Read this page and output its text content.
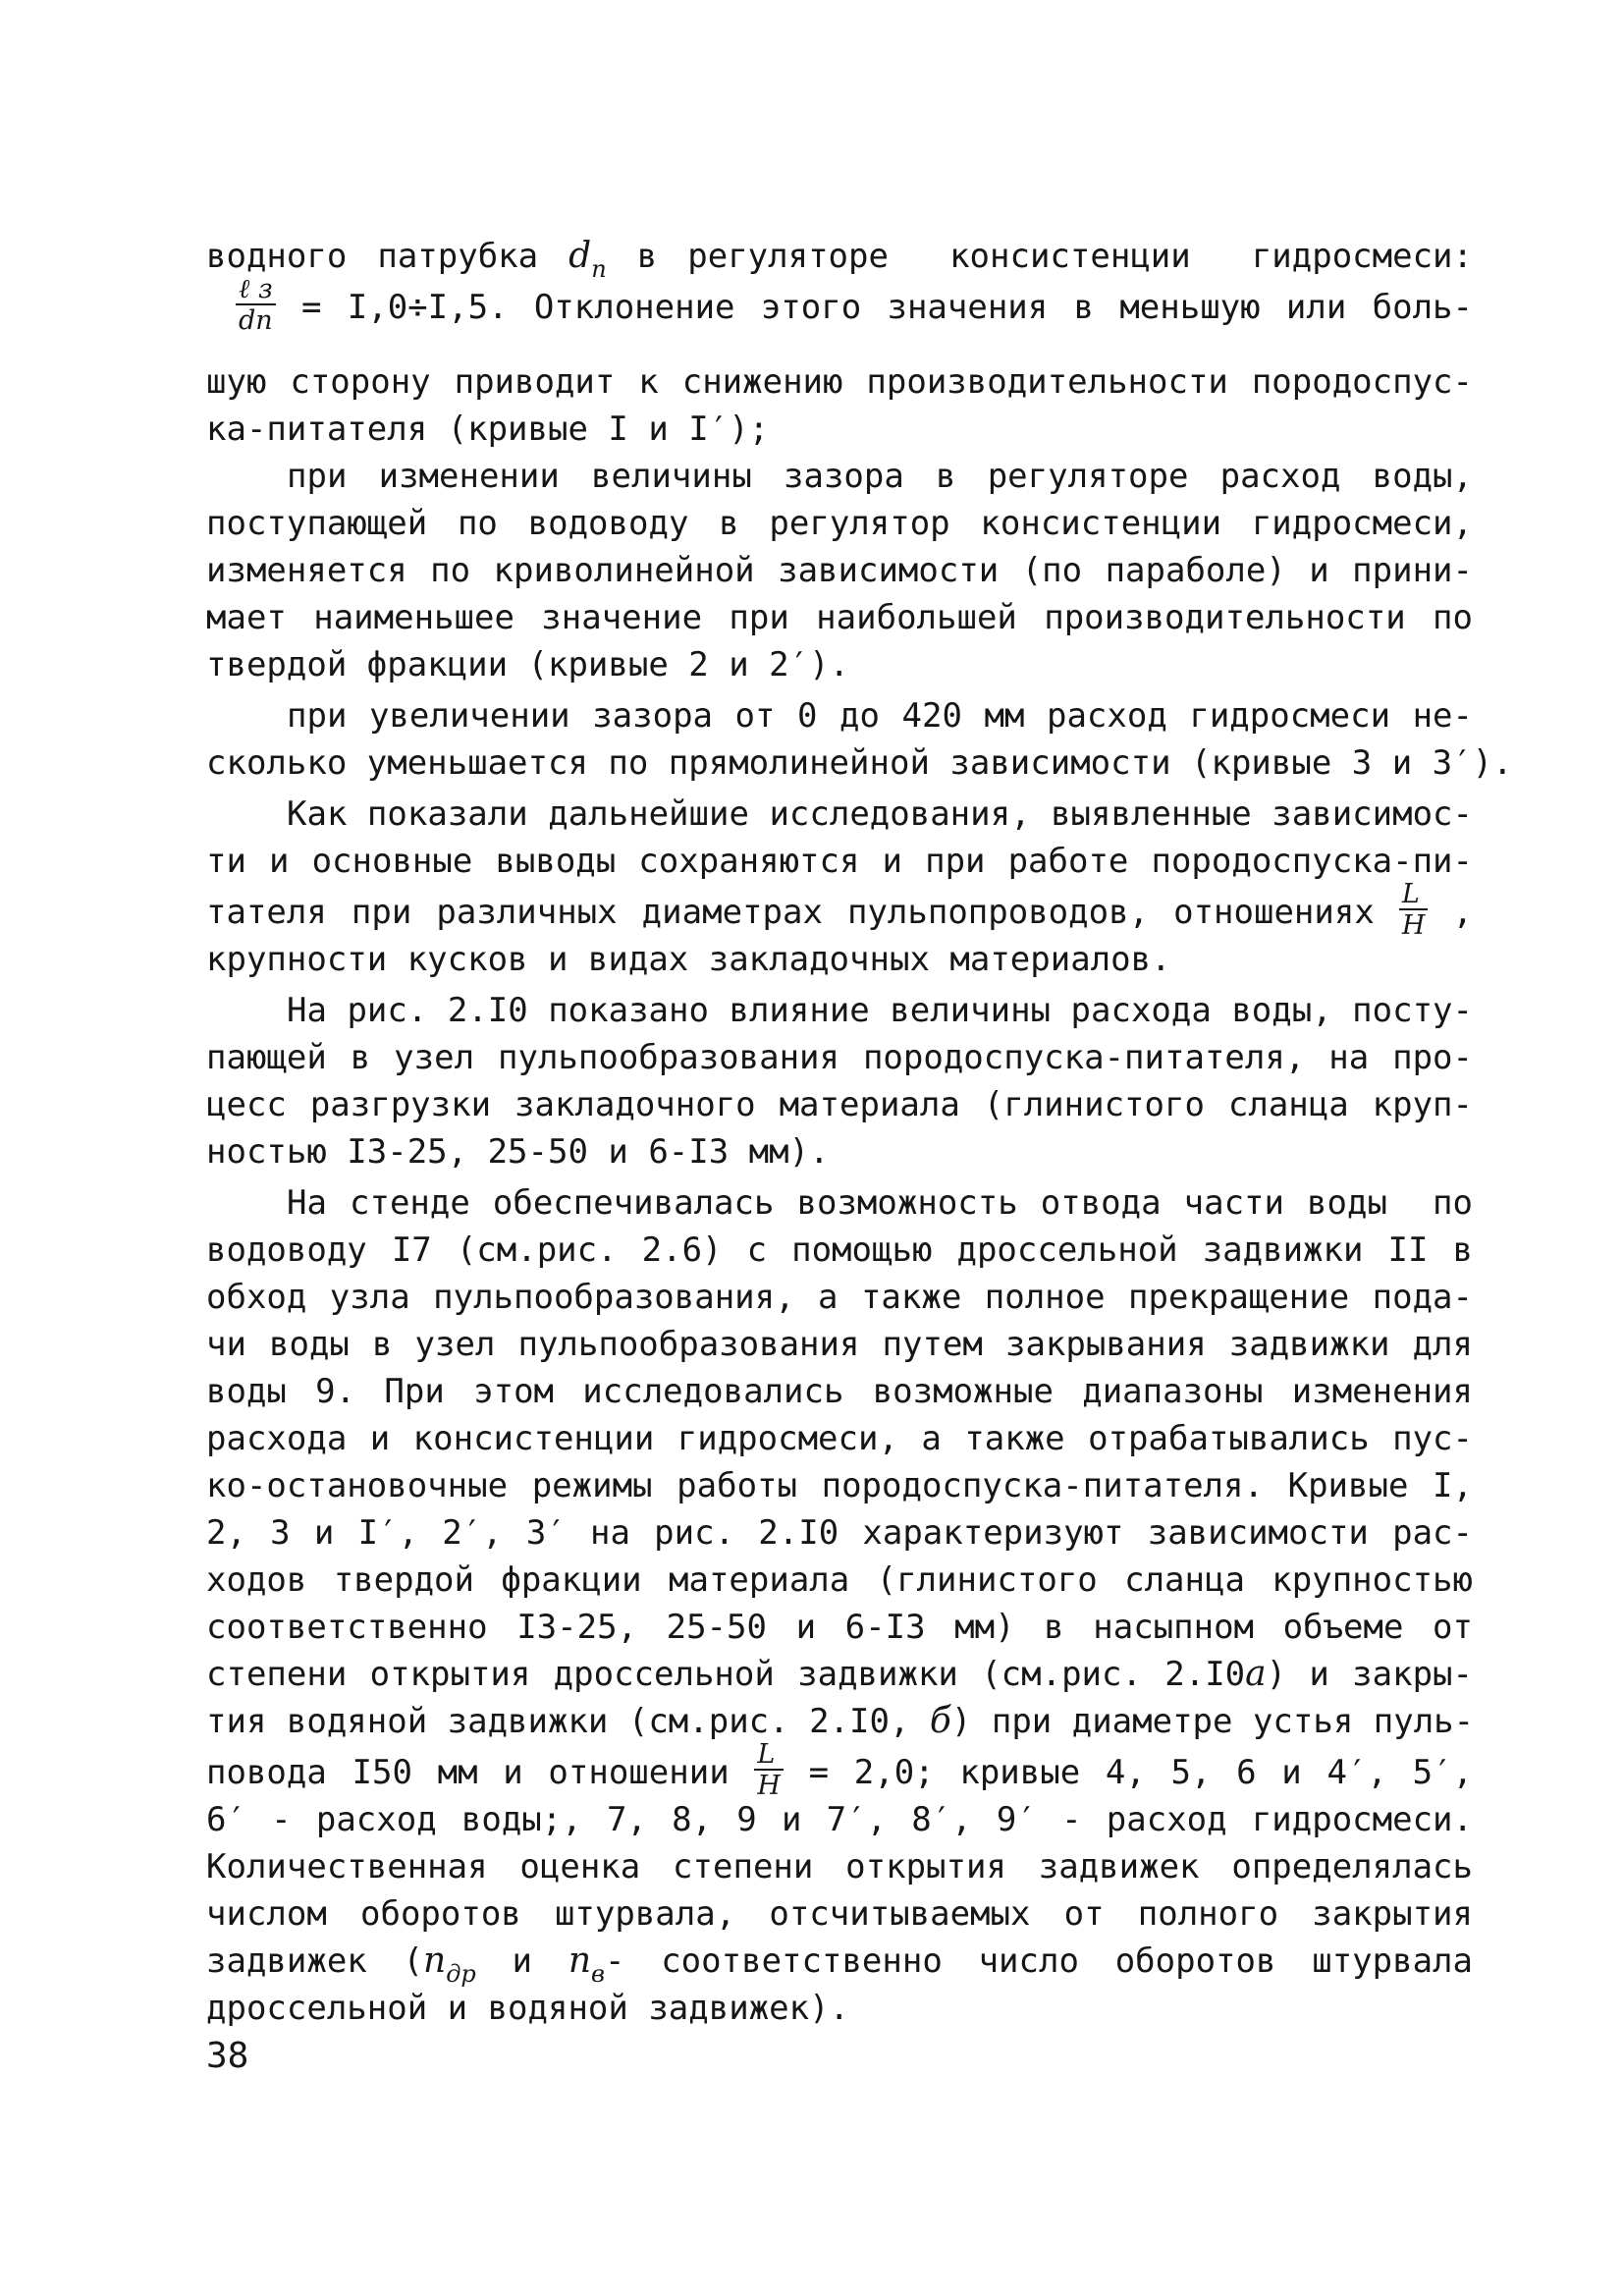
водного патрубка $d_п$ в регуляторе  консистенции  гидросмеси:
$\frac{\text{ℓз}}{dп} = I,0\div I,5$. Отклонение этого значения в меньшую или боль-
шую сторону приводит к снижению производительности породоспус-
ка-питателя (кривые I и I′);
при изменении величины зазора в регуляторе расход воды,
поступающей по водоводу в регулятор консистенции гидросмеси,
изменяется по криволинейной зависимости (по параболе) и прини-
мает наименьшее значение при наибольшей производительности по
твердой фракции (кривые 2 и 2′).
при увеличении зазора от 0 до 420 мм расход гидросмеси не-
сколько уменьшается по прямолинейной зависимости (кривые 3 и 3′).
Как показали дальнейшие исследования, выявленные зависимос-
ти и основные выводы сохраняются и при работе породоспуска-пи-
тателя при различных диаметрах пульпопроводов, отношениях $\frac{L}{H}$ ,
крупности кусков и видах закладочных материалов.
На рис. 2.I0 показано влияние величины расхода воды, посту-
пающей в узел пульпообразования породоспуска-питателя, на про-
цесс разгрузки закладочного материала (глинистого сланца круп-
ностью I3-25, 25-50 и 6-I3 мм).
На стенде обеспечивалась возможность отвода части воды  по
водоводу I7 (см.рис. 2.6) с помощью дроссельной задвижки II в
обход узла пульпообразования, а также полное прекращение пода-
чи воды в узел пульпообразования путем закрывания задвижки для
воды 9. При этом исследовались возможные диапазоны изменения
расхода и консистенции гидросмеси, а также отрабатывались пус-
ко-остановочные режимы работы породоспуска-питателя. Кривые I,
2, 3 и I′, 2′, 3′ на рис. 2.I0 характеризуют зависимости рас-
ходов твердой фракции материала (глинистого сланца крупностью
соответственно I3-25, 25-50 и 6-I3 мм) в насыпном объеме от
степени открытия дроссельной задвижки (см.рис. 2.I0a) и закры-
тия водяной задвижки (см.рис. 2.I0, б) при диаметре устья пуль-
повода I50 мм и отношении $\frac{L}{H} = 2,0$; кривые 4, 5, 6 и 4′, 5′,
6′ - расход воды;, 7, 8, 9 и 7′, 8′, 9′ - расход гидросмеси.
Количественная оценка степени открытия задвижек определялась
числом оборотов штурвала, отсчитываемых от полного закрытия
задвижек ($n_{др}$ и $n_в-$ соответственно число оборотов штурвала
дроссельной и водяной задвижек).
38
